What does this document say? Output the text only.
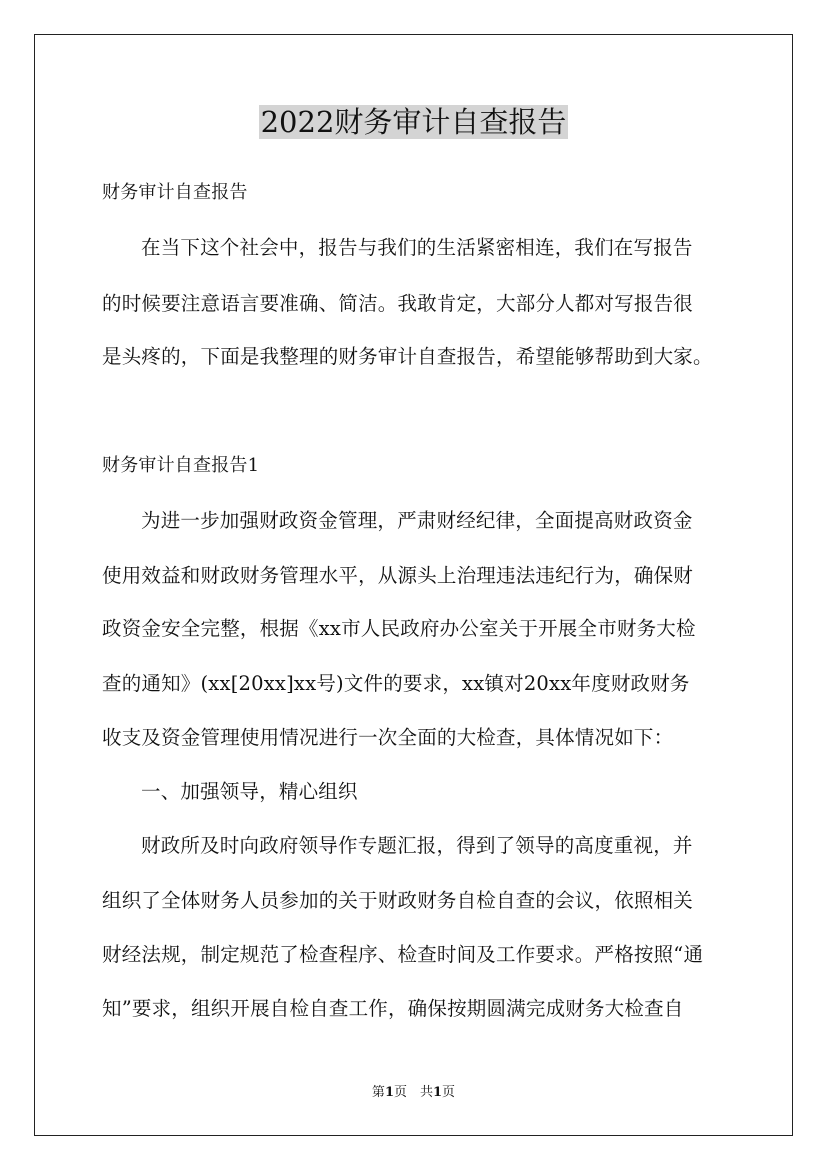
2022财务审计自查报告
财务审计自查报告
在当下这个社会中，报告与我们的生活紧密相连，我们在写报告
的时候要注意语言要准确、简洁。我敢肯定，大部分人都对写报告很
是头疼的，下面是我整理的财务审计自查报告，希望能够帮助到大家。
财务审计自查报告1
为进一步加强财政资金管理，严肃财经纪律，全面提高财政资金
使用效益和财政财务管理水平，从源头上治理违法违纪行为，确保财
政资金安全完整，根据《xx市人民政府办公室关于开展全市财务大检
查的通知》(xx[20xx]xx号)文件的要求，xx镇对20xx年度财政财务
收支及资金管理使用情况进行一次全面的大检查，具体情况如下：
一、加强领导，精心组织
财政所及时向政府领导作专题汇报，得到了领导的高度重视，并
组织了全体财务人员参加的关于财政财务自检自查的会议，依照相关
财经法规，制定规范了检查程序、检查时间及工作要求。严格按照“通
知”要求，组织开展自检自查工作，确保按期圆满完成财务大检查自
第1页　共1页
